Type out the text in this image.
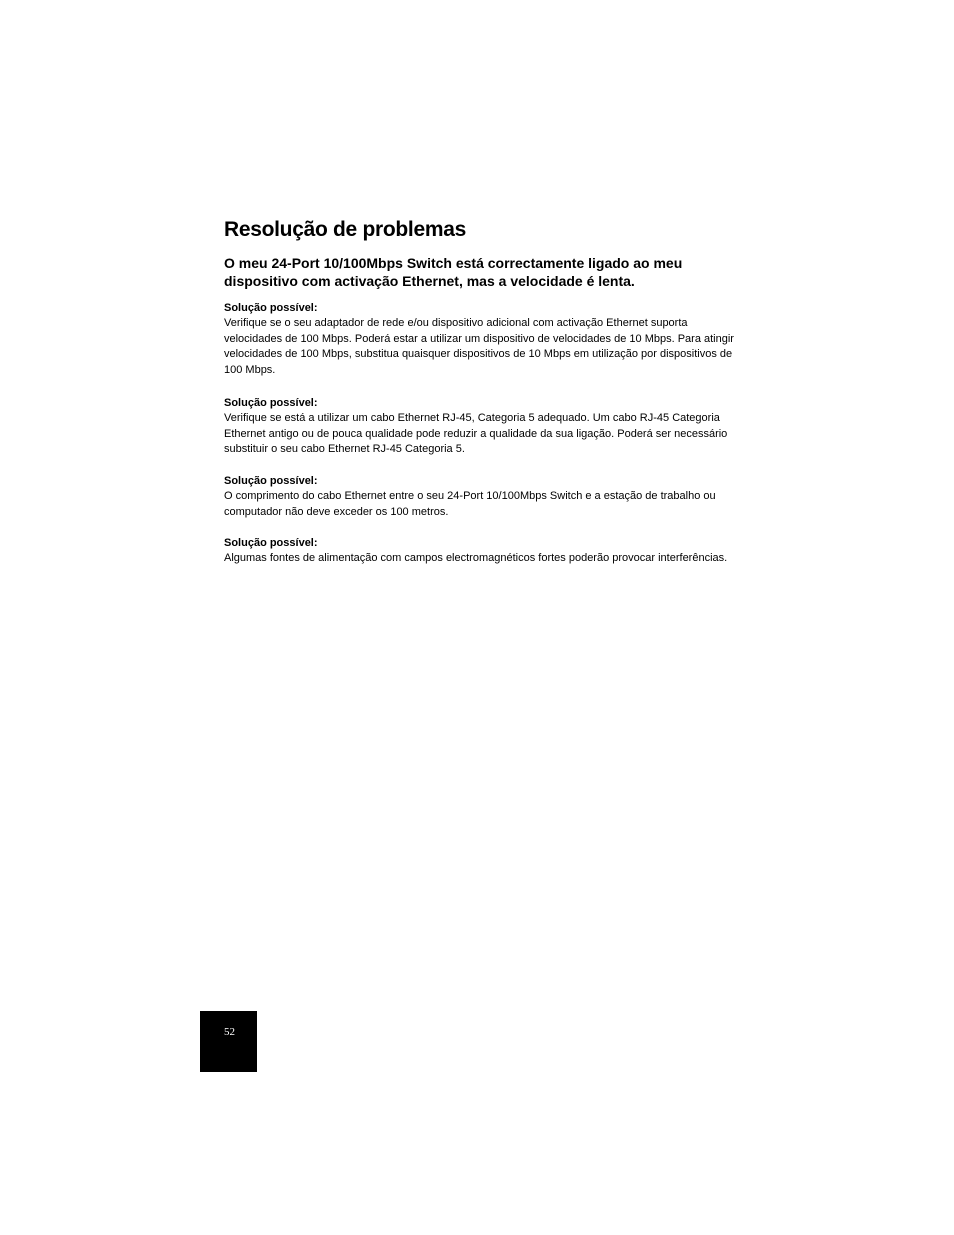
Resolução de problemas

O meu 24-Port 10/100Mbps Switch está correctamente ligado ao meu dispositivo com activação Ethernet, mas a velocidade é lenta.

Solução possível:
Verifique se o seu adaptador de rede e/ou dispositivo adicional com activação Ethernet suporta velocidades de 100 Mbps. Poderá estar a utilizar um dispositivo de velocidades de 10 Mbps. Para atingir velocidades de 100 Mbps, substitua quaisquer dispositivos de 10 Mbps em utilização por dispositivos de 100 Mbps.
Solução possível:
Verifique se está a utilizar um cabo Ethernet RJ-45, Categoria 5 adequado. Um cabo RJ-45 Categoria Ethernet antigo ou de pouca qualidade pode reduzir a qualidade da sua ligação. Poderá ser necessário substituir o seu cabo Ethernet RJ-45 Categoria 5.
Solução possível:
O comprimento do cabo Ethernet entre o seu 24-Port 10/100Mbps Switch e a estação de trabalho ou computador não deve exceder os 100 metros.
Solução possível:
Algumas fontes de alimentação com campos electromagnéticos fortes poderão provocar interferências.
52
